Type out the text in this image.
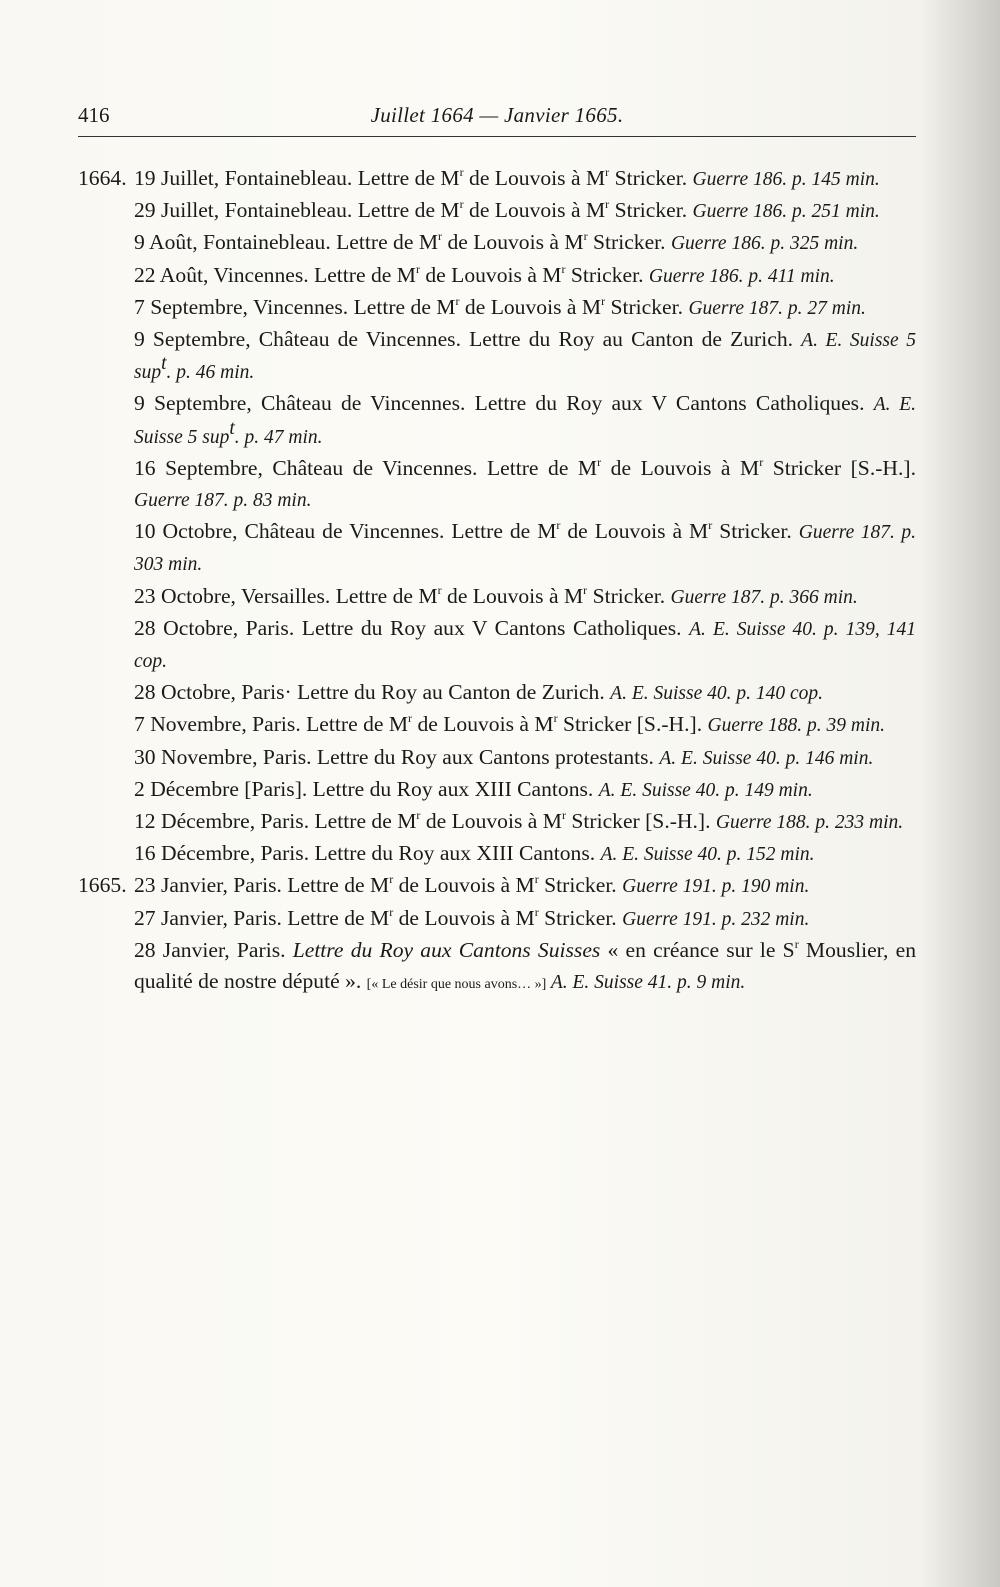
416	Juillet 1664 — Janvier 1665.
1664. 19 Juillet, Fontainebleau. Lettre de $M^r$ de Louvois à $M^r$ Stricker. Guerre 186. p. 145 min.
29 Juillet, Fontainebleau. Lettre de $M^r$ de Louvois à $M^r$ Stricker. Guerre 186. p. 251 min.
9 Août, Fontainebleau. Lettre de $M^r$ de Louvois à $M^r$ Stricker. Guerre 186. p. 325 min.
22 Août, Vincennes. Lettre de $M^r$ de Louvois à $M^r$ Stricker. Guerre 186. p. 411 min.
7 Septembre, Vincennes. Lettre de $M^r$ de Louvois à $M^r$ Stricker. Guerre 187. p. 27 min.
9 Septembre, Château de Vincennes. Lettre du Roy au Canton de Zurich. A. E. Suisse 5 sup$^t$. p. 46 min.
9 Septembre, Château de Vincennes. Lettre du Roy aux V Cantons Catholiques. A. E. Suisse 5 sup$^t$. p. 47 min.
16 Septembre, Château de Vincennes. Lettre de $M^r$ de Louvois à $M^r$ Stricker [S.-H.]. Guerre 187. p. 83 min.
10 Octobre, Château de Vincennes. Lettre de $M^r$ de Louvois à $M^r$ Stricker. Guerre 187. p. 303 min.
23 Octobre, Versailles. Lettre de $M^r$ de Louvois à $M^r$ Stricker. Guerre 187. p. 366 min.
28 Octobre, Paris. Lettre du Roy aux V Cantons Catholiques. A. E. Suisse 40. p. 139, 141 cop.
28 Octobre, Paris· Lettre du Roy au Canton de Zurich. A. E. Suisse 40. p. 140 cop.
7 Novembre, Paris. Lettre de $M^r$ de Louvois à $M^r$ Stricker [S.-H.]. Guerre 188. p. 39 min.
30 Novembre, Paris. Lettre du Roy aux Cantons protestants. A. E. Suisse 40. p. 146 min.
2 Décembre [Paris]. Lettre du Roy aux XIII Cantons. A. E. Suisse 40. p. 149 min.
12 Décembre, Paris. Lettre de $M^r$ de Louvois à $M^r$ Stricker [S.-H.]. Guerre 188. p. 233 min.
16 Décembre, Paris. Lettre du Roy aux XIII Cantons. A. E. Suisse 40. p. 152 min.
1665. 23 Janvier, Paris. Lettre de $M^r$ de Louvois à $M^r$ Stricker. Guerre 191. p. 190 min.
27 Janvier, Paris. Lettre de $M^r$ de Louvois à $M^r$ Stricker. Guerre 191. p. 232 min.
28 Janvier, Paris. Lettre du Roy aux Cantons Suisses « en créance sur le $S^r$ Mouslier, en qualité de nostre député ». [« Le désir que nous avons… »] A. E. Suisse 41. p. 9 min.
